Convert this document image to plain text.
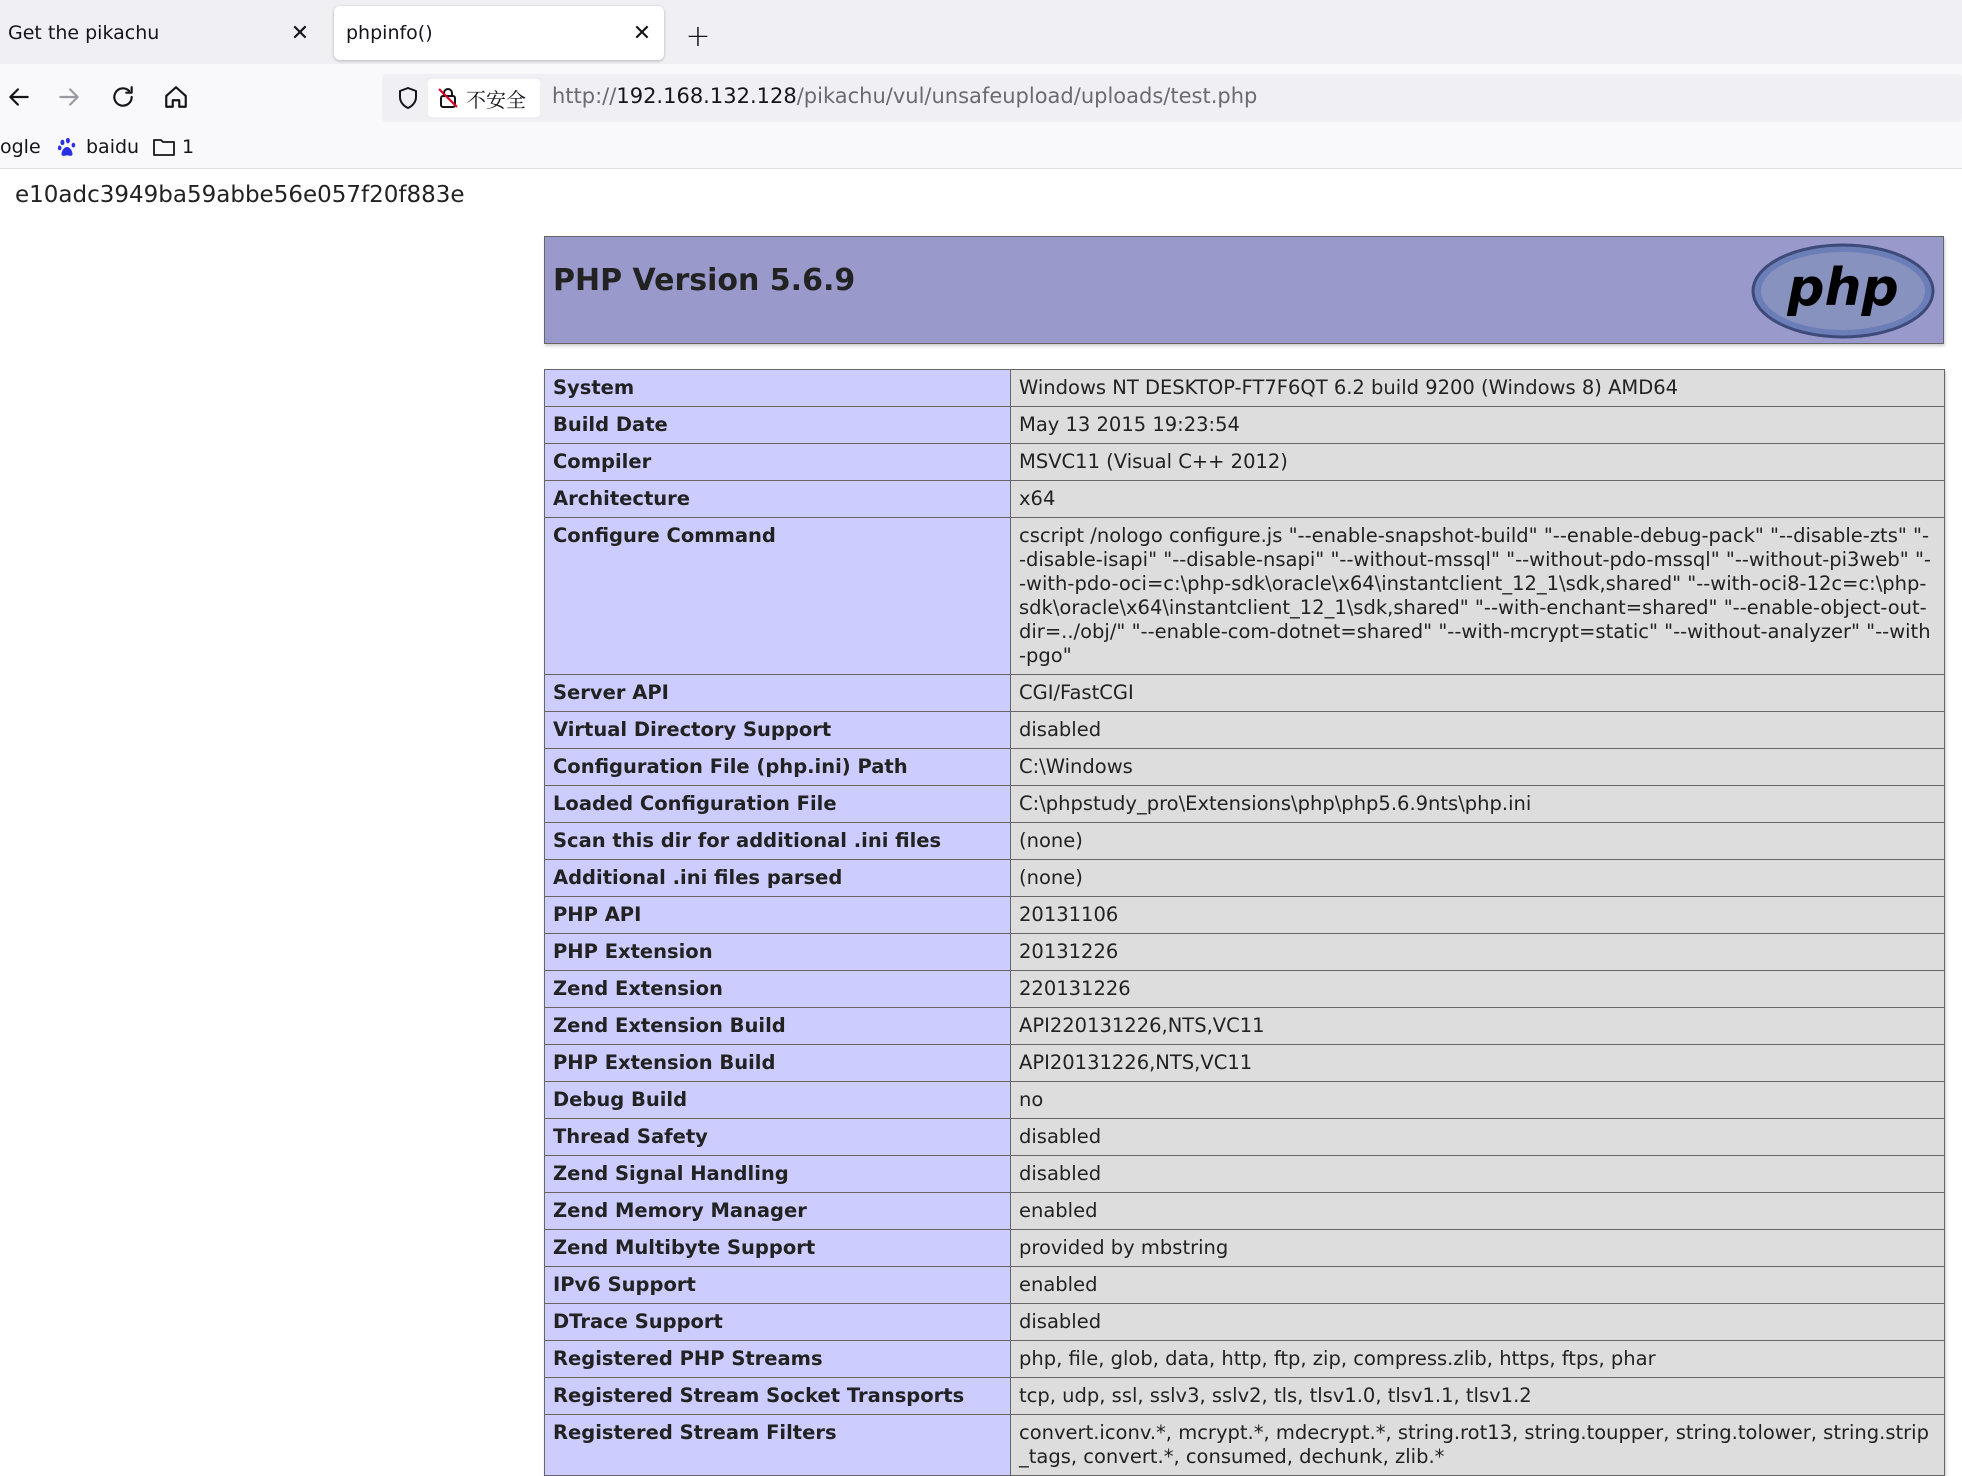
Get the pikachu	✕ phpinfo()	✕ +
不安全 http://192.168.132.128/pikachu/vul/unsafeupload/uploads/test.php
ogle baidu 1
e10adc3949ba59abbe56e057f20f883e
PHP Version 5.6.9	php
System	Windows NT DESKTOP-FT7F6QT 6.2 build 9200 (Windows 8) AMD64
Build Date	May 13 2015 19:23:54
Compiler	MSVC11 (Visual C++ 2012)
Architecture	x64
Configure Command	cscript /nologo configure.js "--enable-snapshot-build" "--enable-debug-pack" "--disable-zts" "--disable-isapi" "--disable-nsapi" "--without-mssql" "--without-pdo-mssql" "--without-pi3web" "--with-pdo-oci=c:\php-sdk\oracle\x64\instantclient_12_1\sdk,shared" "--with-oci8-12c=c:\php-sdk\oracle\x64\instantclient_12_1\sdk,shared" "--with-enchant=shared" "--enable-object-out-dir=../obj/" "--enable-com-dotnet=shared" "--with-mcrypt=static" "--without-analyzer" "--with-pgo"
Server API	CGI/FastCGI
Virtual Directory Support	disabled
Configuration File (php.ini) Path	C:\Windows
Loaded Configuration File	C:\phpstudy_pro\Extensions\php\php5.6.9nts\php.ini
Scan this dir for additional .ini files	(none)
Additional .ini files parsed	(none)
PHP API	20131106
PHP Extension	20131226
Zend Extension	220131226
Zend Extension Build	API220131226,NTS,VC11
PHP Extension Build	API20131226,NTS,VC11
Debug Build	no
Thread Safety	disabled
Zend Signal Handling	disabled
Zend Memory Manager	enabled
Zend Multibyte Support	provided by mbstring
IPv6 Support	enabled
DTrace Support	disabled
Registered PHP Streams	php, file, glob, data, http, ftp, zip, compress.zlib, https, ftps, phar
Registered Stream Socket Transports	tcp, udp, ssl, sslv3, sslv2, tls, tlsv1.0, tlsv1.1, tlsv1.2
Registered Stream Filters	convert.iconv.*, mcrypt.*, mdecrypt.*, string.rot13, string.toupper, string.tolower, string.strip_tags, convert.*, consumed, dechunk, zlib.*
